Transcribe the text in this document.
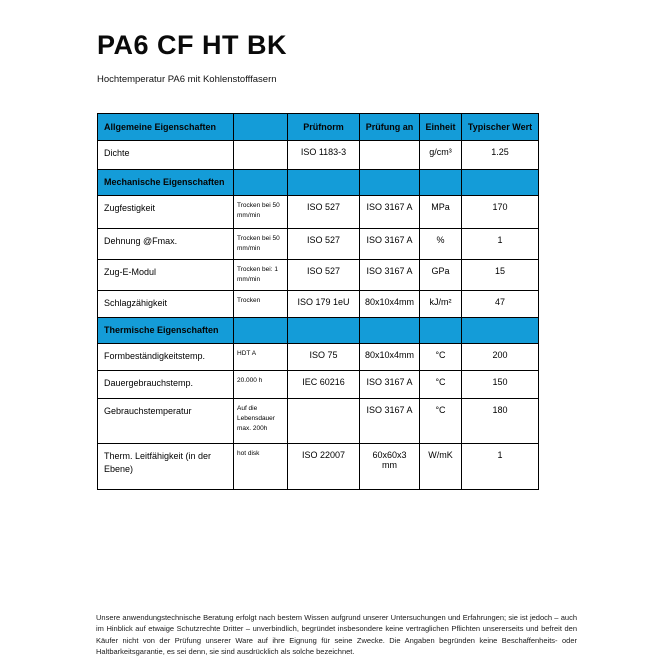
PA6 CF HT BK

Hochtemperatur PA6 mit Kohlenstofffasern

Allgemeine Eigenschaften		Prüfnorm	Prüfung an	Einheit	Typischer Wert
Dichte		ISO 1183-3		g/cm³	1.25
Mechanische Eigenschaften					
Zugfestigkeit	Trocken bei 50 mm/min	ISO 527	ISO 3167 A	MPa	170
Dehnung @Fmax.	Trocken bei 50 mm/min	ISO 527	ISO 3167 A	%	1
Zug-E-Modul	Trocken bei: 1 mm/min	ISO 527	ISO 3167 A	GPa	15
Schlagzähigkeit	Trocken	ISO 179 1eU	80x10x4mm	kJ/m²	47
Thermische Eigenschaften					
Formbeständigkeitstemp.	HDT A	ISO 75	80x10x4mm	°C	200
Dauergebrauchstemp.	20.000 h	IEC 60216	ISO 3167 A	°C	150
Gebrauchstemperatur	Auf die Lebensdauer max. 200h		ISO 3167 A	°C	180
Therm. Leitfähigkeit (in der Ebene)	hot disk	ISO 22007	60x60x3 mm	W/mK	1

Unsere anwendungstechnische Beratung erfolgt nach bestem Wissen aufgrund unserer Untersuchungen und Erfahrungen; sie ist jedoch – auch im Hinblick auf etwaige Schutzrechte Dritter – unverbindlich, begründet insbesondere keine vertraglichen Pflichten unsererseits und befreit den Käufer nicht von der Prüfung unserer Ware auf ihre Eignung für seine Zwecke. Die Angaben begründen keine Beschaffenheits- oder Haltbarkeitsgarantie, es sei denn, sie sind ausdrücklich als solche bezeichnet.
